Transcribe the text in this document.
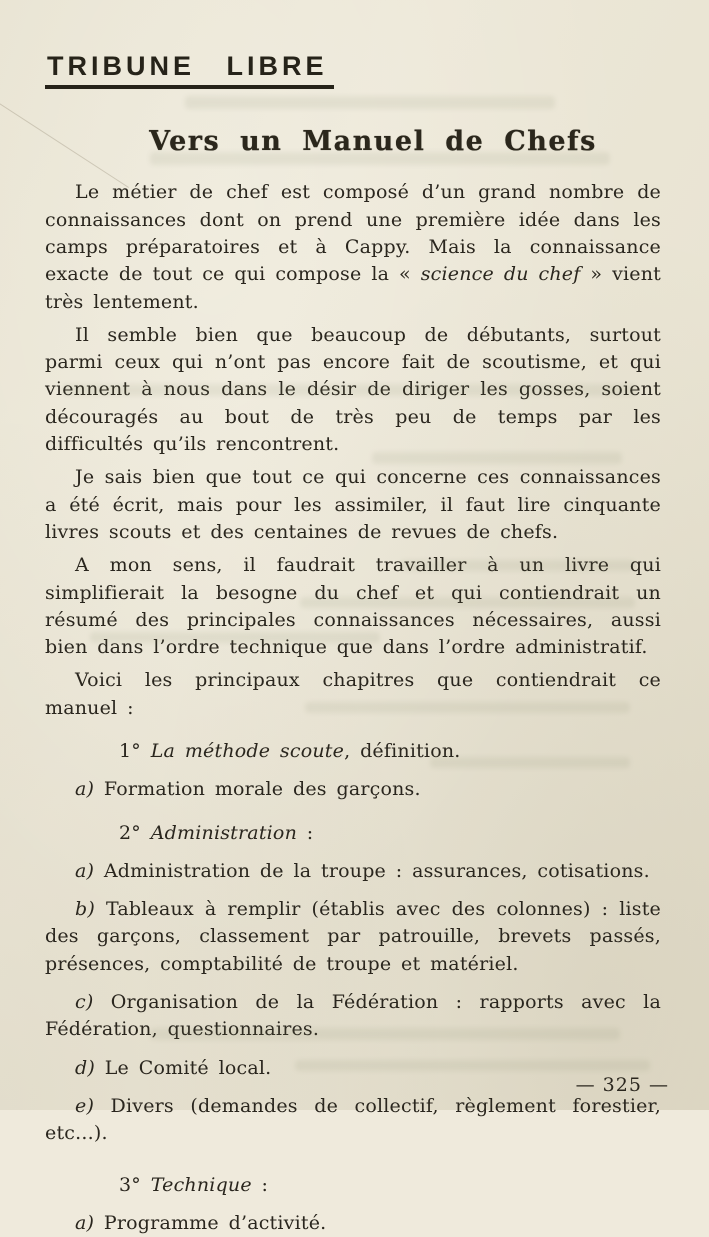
TRIBUNE LIBRE
Vers un Manuel de Chefs

Le métier de chef est composé d’un grand nombre de connaissances dont on prend une première idée dans les camps préparatoires et à Cappy. Mais la connaissance exacte de tout ce qui compose la « science du chef » vient très lentement.

Il semble bien que beaucoup de débutants, surtout parmi ceux qui n’ont pas encore fait de scoutisme, et qui viennent à nous dans le désir de diriger les gosses, soient découragés au bout de très peu de temps par les difficultés qu’ils rencontrent.

Je sais bien que tout ce qui concerne ces connaissances a été écrit, mais pour les assimiler, il faut lire cinquante livres scouts et des centaines de revues de chefs.

A mon sens, il faudrait travailler à un livre qui simplifierait la besogne du chef et qui contiendrait un résumé des principales connaissances nécessaires, aussi bien dans l’ordre technique que dans l’ordre administratif.

Voici les principaux chapitres que contiendrait ce manuel :

1° La méthode scoute, définition.

a) Formation morale des garçons.

2° Administration :

a) Administration de la troupe : assurances, cotisations.

b) Tableaux à remplir (établis avec des colonnes) : liste des garçons, classement par patrouille, brevets passés, présences, comptabilité de troupe et matériel.

c) Organisation de la Fédération : rapports avec la Fédération, questionnaires.

d) Le Comité local.

e) Divers (demandes de collectif, règlement forestier, etc...).

3° Technique :

a) Programme d’activité.

— 325 —
